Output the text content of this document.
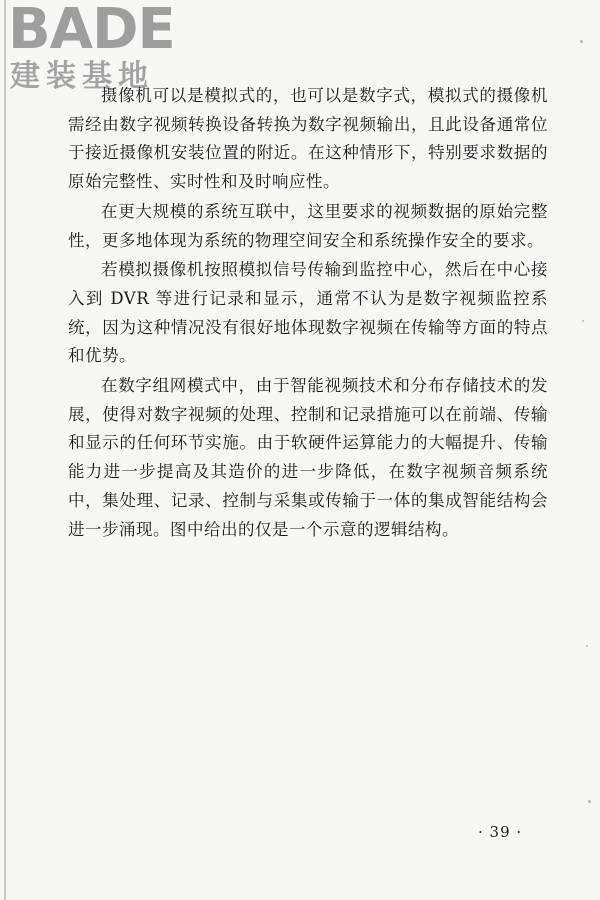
BADE
建装基地

摄像机可以是模拟式的，也可以是数字式，模拟式的摄像机需经由数字视频转换设备转换为数字视频输出，且此设备通常位于接近摄像机安装位置的附近。在这种情形下，特别要求数据的原始完整性、实时性和及时响应性。

在更大规模的系统互联中，这里要求的视频数据的原始完整性，更多地体现为系统的物理空间安全和系统操作安全的要求。

若模拟摄像机按照模拟信号传输到监控中心，然后在中心接入到 DVR 等进行记录和显示，通常不认为是数字视频监控系统，因为这种情况没有很好地体现数字视频在传输等方面的特点和优势。

在数字组网模式中，由于智能视频技术和分布存储技术的发展，使得对数字视频的处理、控制和记录措施可以在前端、传输和显示的任何环节实施。由于软硬件运算能力的大幅提升、传输能力进一步提高及其造价的进一步降低，在数字视频音频系统中，集处理、记录、控制与采集或传输于一体的集成智能结构会进一步涌现。图中给出的仅是一个示意的逻辑结构。

· 39 ·
